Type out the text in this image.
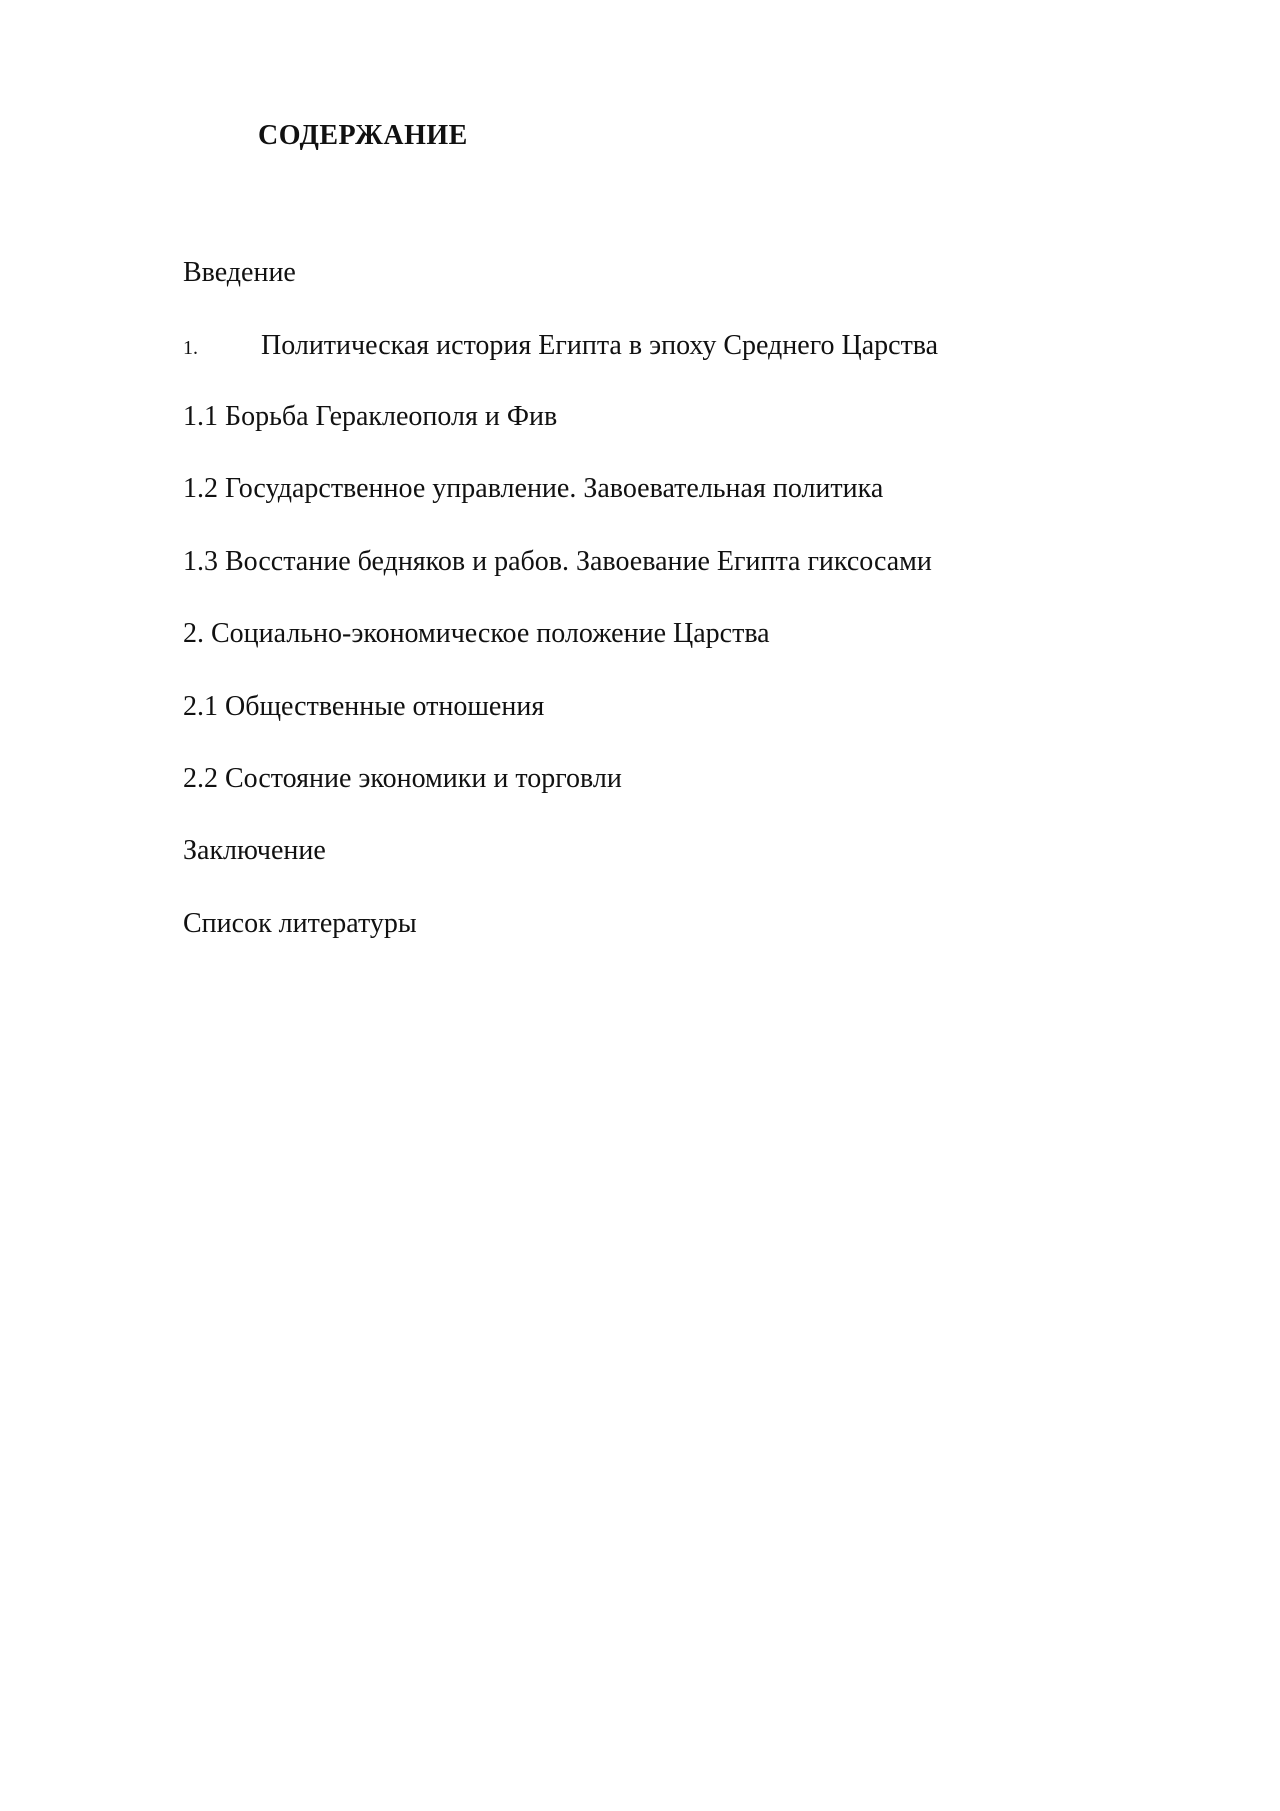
СОДЕРЖАНИЕ
Введение
1. Политическая история Египта в эпоху Среднего Царства
1.1 Борьба Гераклеополя и Фив
1.2 Государственное управление. Завоевательная политика
1.3 Восстание бедняков и рабов. Завоевание Египта гиксосами
2. Социально-экономическое положение Царства
2.1 Общественные отношения
2.2 Состояние экономики и торговли
Заключение
Список литературы
